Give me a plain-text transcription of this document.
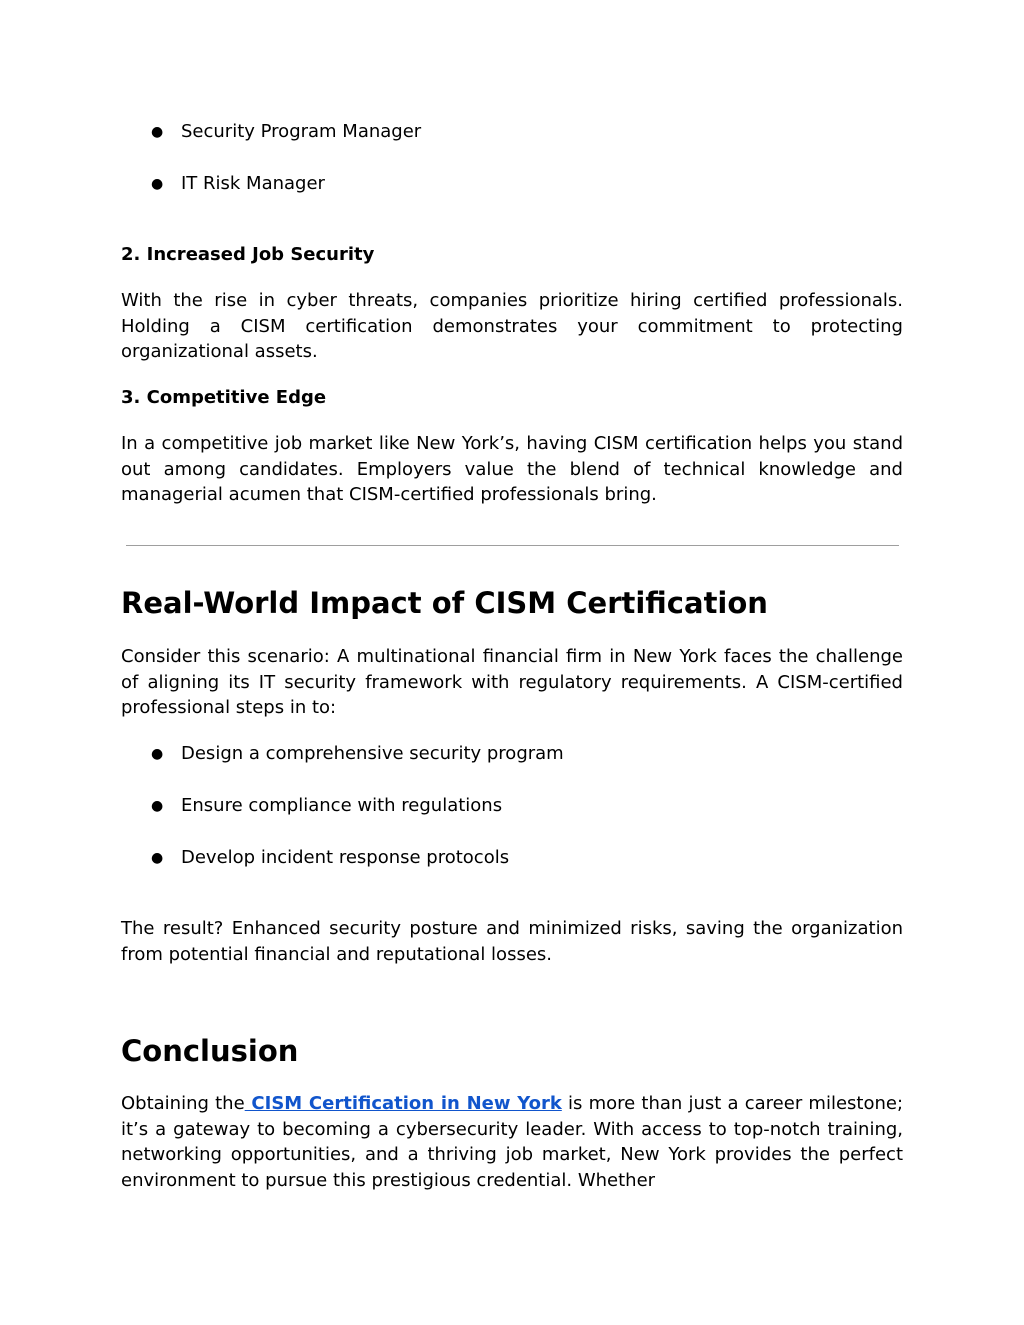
● Security Program Manager
● IT Risk Manager
2. Increased Job Security

With the rise in cyber threats, companies prioritize hiring certified professionals. Holding a CISM certification demonstrates your commitment to protecting organizational assets.

3. Competitive Edge

In a competitive job market like New York’s, having CISM certification helps you stand out among candidates. Employers value the blend of technical knowledge and managerial acumen that CISM-certified professionals bring.

Real-World Impact of CISM Certification

Consider this scenario: A multinational financial firm in New York faces the challenge of aligning its IT security framework with regulatory requirements. A CISM-certified professional steps in to:

● Design a comprehensive security program
● Ensure compliance with regulations
● Develop incident response protocols

The result? Enhanced security posture and minimized risks, saving the organization from potential financial and reputational losses.

Conclusion

Obtaining the CISM Certification in New York is more than just a career milestone; it’s a gateway to becoming a cybersecurity leader. With access to top-notch training, networking opportunities, and a thriving job market, New York provides the perfect environment to pursue this prestigious credential. Whether
